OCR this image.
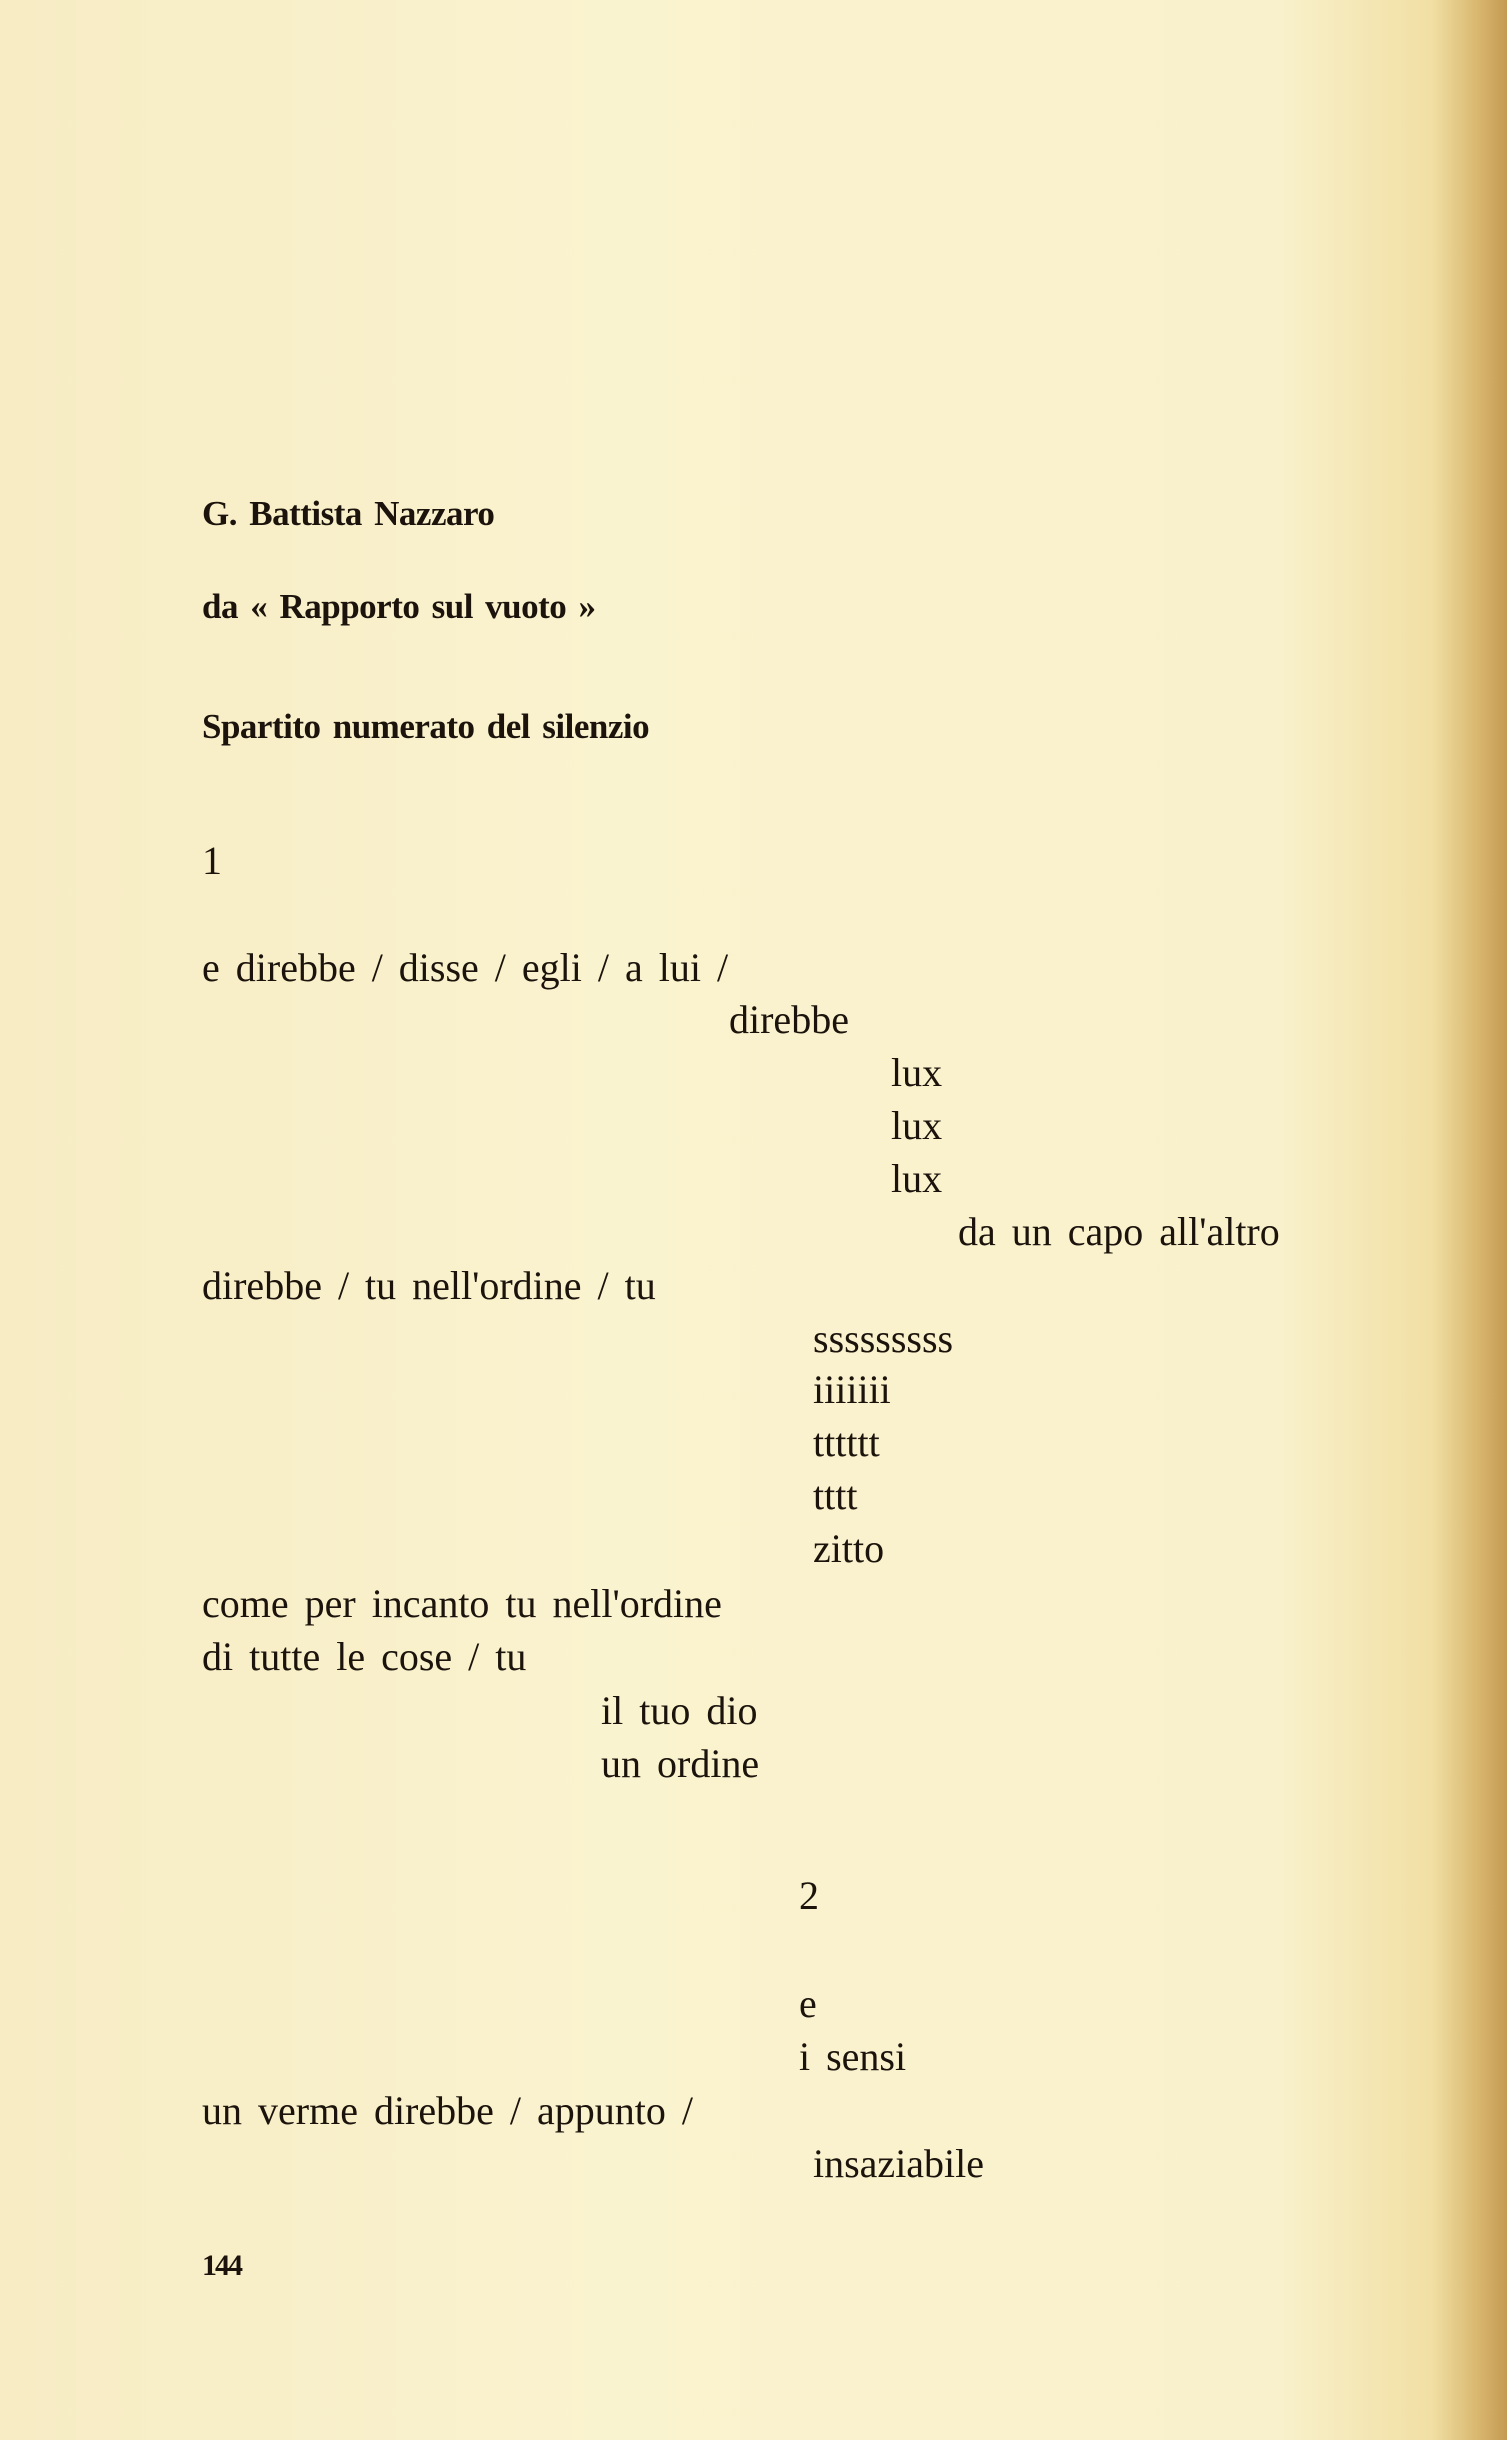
G. Battista Nazzaro
da « Rapporto sul vuoto »
Spartito numerato del silenzio
1
e direbbe / disse / egli / a lui /
direbbe
lux
lux
lux
da un capo all'altro
direbbe / tu nell'ordine / tu
sssssssss
iiiiiii
tttttt
tttt
zitto
come per incanto tu nell'ordine
di tutte le cose / tu
il tuo dio
un ordine
2
e
i sensi
un verme direbbe / appunto /
insaziabile
144
